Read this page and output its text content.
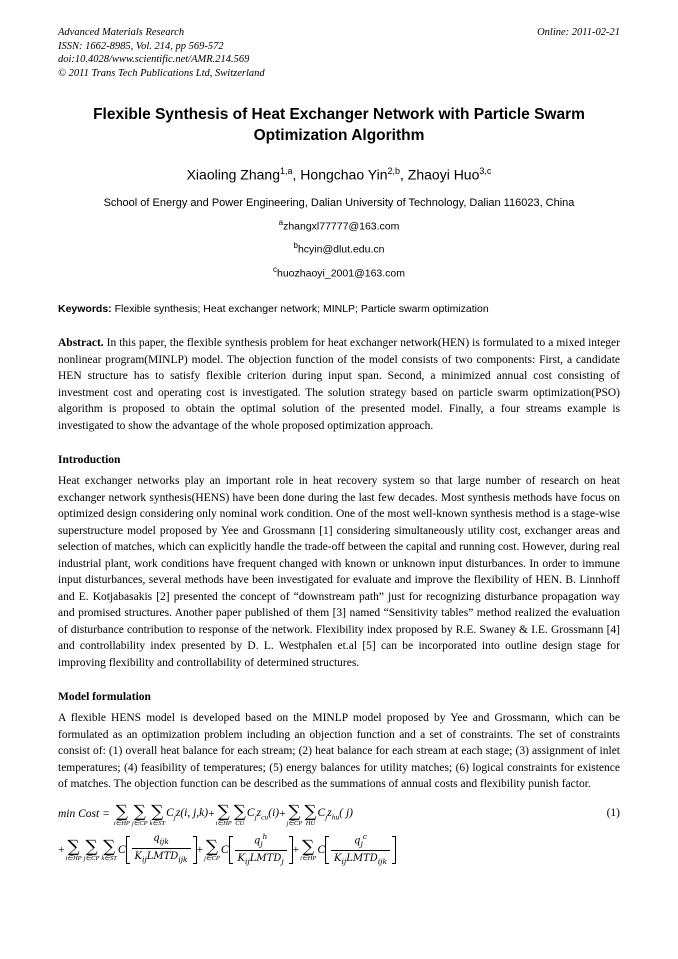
Advanced Materials Research
ISSN: 1662-8985, Vol. 214, pp 569-572
doi:10.4028/www.scientific.net/AMR.214.569
© 2011 Trans Tech Publications Ltd, Switzerland
Online: 2011-02-21
Flexible Synthesis of Heat Exchanger Network with Particle Swarm Optimization Algorithm
Xiaoling Zhang$^{1,a}$, Hongchao Yin$^{2,b}$, Zhaoyi Huo$^{3,c}$
School of Energy and Power Engineering, Dalian University of Technology, Dalian 116023, China
$^a$zhangxl77777@163.com
$^b$hcyin@dlut.edu.cn
$^c$huozhaoyi_2001@163.com
Keywords: Flexible synthesis; Heat exchanger network; MINLP; Particle swarm optimization
Abstract. In this paper, the flexible synthesis problem for heat exchanger network(HEN) is formulated to a mixed integer nonlinear program(MINLP) model. The objection function of the model consists of two components: First, a candidate HEN structure has to satisfy flexible criterion during input span. Second, a minimized annual cost consisting of investment cost and operating cost is investigated. The solution strategy based on particle swarm optimization(PSO) algorithm is proposed to obtain the optimal solution of the presented model. Finally, a four streams example is investigated to show the advantage of the whole proposed optimization approach.
Introduction

Heat exchanger networks play an important role in heat recovery system so that large number of research on heat exchanger network synthesis(HENS) have been done during the last few decades. Most synthesis methods have focus on optimized design considering only nominal work condition. One of the most well-known synthesis method is a stage-wise superstructure model proposed by Yee and Grossmann [1] considering simultaneously utility cost, exchanger areas and selection of matches, which can explicitly handle the trade-off between the capital and running cost. However, during real industrial plant, work conditions have frequent changed with known or unknown input disturbances. In order to immune input disturbances, several methods have been investigated for evaluate and improve the flexibility of HEN. B. Linnhoff and E. Kotjabasakis [2] presented the concept of “downstream path” just for recognizing disturbance propagation way and promised structures. Another paper published of them [3] named “Sensitivity tables” method realized the evaluation of disturbance contribution to response of the network. Flexibility index proposed by R.E. Swaney & I.E. Grossmann [4] and controllability index presented by D. L. Westphalen et.al [5] can be incorporated into outline design stage for improving flexibility and controllability of determined structures.

Model formulation

A flexible HENS model is developed based on the MINLP model proposed by Yee and Grossmann, which can be formulated as an optimization problem including an objection function and a set of constraints. The set of constraints consist of: (1) overall heat balance for each stream; (2) heat balance for each stream at each stage; (3) assignment of inlet temperatures; (4) feasibility of temperatures; (5) energy balances for utility matches; (6) logical constraints for existence of matches. The objection function can be described as the summations of annual costs and flexibility punish factor.

(1)
min Cost =
∑
i∈HP
∑
j∈CP
∑
k∈ST
$C_jz(i$, j,k) + ∑
i∈HP
∑
CU
$C_jz_{cu}(i)$ + ∑
j∈CP
∑
HU
$C_jz_{hu}$( j)
+ ∑
i∈HP
∑
j∈CP
∑
k∈ST
C $\frac{q_{ijk}}{K_{ij}LMTD_{ijk}}$ + ∑
j∈CP
C $\frac{q_j^h}{K_{ij}LMTD_j}$ + ∑
i∈HP
C $\frac{q_j^c}{K_{ij}LMTD_{ijk}}$
